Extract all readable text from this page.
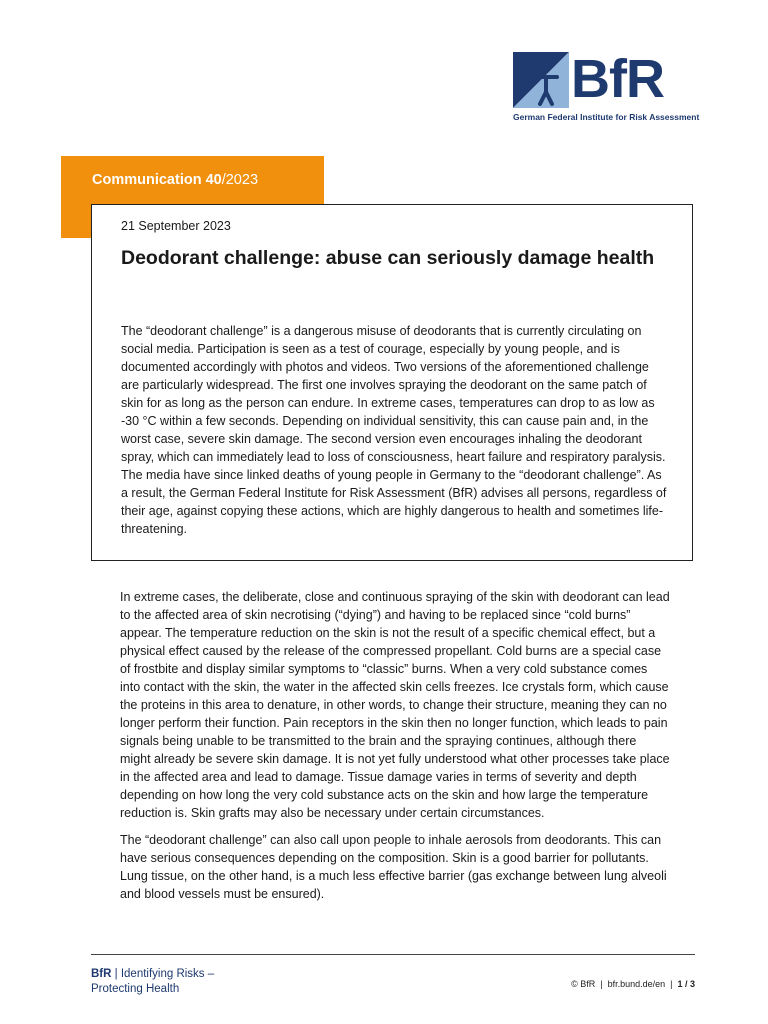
BfR
German Federal Institute for Risk Assessment
Communication 40/2023
21 September 2023
Deodorant challenge: abuse can seriously damage health

The “deodorant challenge” is a dangerous misuse of deodorants that is currently circulating on social media. Participation is seen as a test of courage, especially by young people, and is documented accordingly with photos and videos. Two versions of the aforementioned challenge are particularly widespread. The first one involves spraying the deodorant on the same patch of skin for as long as the person can endure. In extreme cases, temperatures can drop to as low as -30 °C within a few seconds. Depending on individual sensitivity, this can cause pain and, in the worst case, severe skin damage. The second version even encourages inhaling the deodorant spray, which can immediately lead to loss of consciousness, heart failure and respiratory paralysis. The media have since linked deaths of young people in Germany to the “deodorant challenge”. As a result, the German Federal Institute for Risk Assessment (BfR) advises all persons, regardless of their age, against copying these actions, which are highly dangerous to health and sometimes life-threatening.

In extreme cases, the deliberate, close and continuous spraying of the skin with deodorant can lead to the affected area of skin necrotising (“dying”) and having to be replaced since “cold burns” appear. The temperature reduction on the skin is not the result of a specific chemical effect, but a physical effect caused by the release of the compressed propellant. Cold burns are a special case of frostbite and display similar symptoms to “classic” burns. When a very cold substance comes into contact with the skin, the water in the affected skin cells freezes. Ice crystals form, which cause the proteins in this area to denature, in other words, to change their structure, meaning they can no longer perform their function. Pain receptors in the skin then no longer function, which leads to pain signals being unable to be transmitted to the brain and the spraying continues, although there might already be severe skin damage. It is not yet fully understood what other processes take place in the affected area and lead to damage. Tissue damage varies in terms of severity and depth depending on how long the very cold substance acts on the skin and how large the temperature reduction is. Skin grafts may also be necessary under certain circumstances.

The “deodorant challenge” can also call upon people to inhale aerosols from deodorants. This can have serious consequences depending on the composition. Skin is a good barrier for pollutants. Lung tissue, on the other hand, is a much less effective barrier (gas exchange between lung alveoli and blood vessels must be ensured).

BfR | Identifying Risks –
Protecting Health	© BfR  |  bfr.bund.de/en  |  1 / 3
